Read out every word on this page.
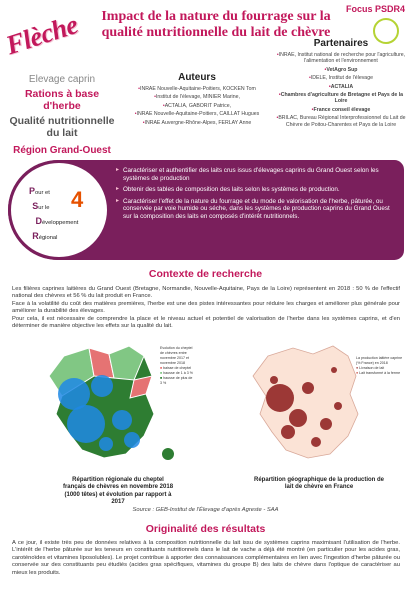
Flèche
Focus PSDR4
Impact de la nature du fourrage sur la qualité nutritionnelle du lait de chèvre
Elevage caprin
Rations à base d'herbe
Qualité nutritionnelle du lait
Région Grand-Ouest
Auteurs
• INRAE Nouvelle-Aquitaine-Poitiers, KOCKEN Tom
• Institut de l'élevage, MINIER Marine,
• ACTALIA, GABORIT Patrice,
• INRAE Nouvelle-Aquitaine-Poitiers, CAILLAT Hugues
• INRAE Auvergne-Rhône-Alpes, FERLAY Anne
Partenaires
• INRAE, Institut national de recherche pour l'agriculture, l'alimentation et l'environnement
• VetAgro Sup
• IDELE, Institut de l'élevage
• ACTALIA
• Chambres d'agriculture de Bretagne et Pays de la Loire
• France conseil élevage
• BRILAC, Bureau Régional Interprofessionnel du Lait de Chèvre de Poitou-Charentes et Pays de la Loire
Pour et
Sur le
Développement
Régional
4
▸ Caractériser et authentifier des laits crus issus d'élevages caprins du Grand Ouest selon les systèmes de production
▸ Obtenir des tables de composition des laits selon les systèmes de production.
▸ Caractériser l'effet de la nature du fourrage et du mode de valorisation de l'herbe, pâturée, ou conservée par voie humide ou séche, dans les systèmes de production caprins du Grand Ouest sur la composition des laits en composés d'intérêt nutritionnels.
Contexte de recherche

Les filières caprines laitières du Grand Ouest (Bretagne, Normandie, Nouvelle-Aquitaine, Pays de la Loire) représentent en 2018 : 50 % de l'effectif national des chèvres et 56 % du lait produit en France.

Face à la volatilité du coût des matières premières, l'herbe est une des pistes intéressantes pour réduire les charges et améliorer plus générale pour améliorer la durabilité des élevages.

Pour cela, il est nécessaire de comprendre la place et le niveau actuel et potentiel de valorisation de l'herbe dans les systèmes caprins, et d'en déterminer de manière objective les effets sur la qualité du lait.

Evolution du cheptel de chèvres entre novembre 2017 et novembre 2018
■ baisse de cheptel
■ hausse de 1 à 3 %
■ hausse de plus de 3 %
La production laitière caprine (% France) en 2018
● Livraison de lait
● Lait transformé à la ferme
Répartition régionale du cheptel français de chèvres en novembre 2018 (1000 têtes) et évolution par rapport à 2017
Répartition géographique de la production de lait de chèvre en France
Source : GEB-Institut de l'Élevage d'après Agreste - SAA
Originalité des résultats
A ce jour, il existe très peu de données relatives à la composition nutritionnelle du lait issu de systèmes caprins maximisant l'utilisation de l'herbe. L'intérêt de l'herbe pâturée sur les teneurs en constituants nutritionnels dans le lait de vache a déjà été montré (en particulier pour les acides gras, caroténoïdes et vitamines liposolubles). Le projet contribue à apporter des connaissances complémentaires en lien avec l'ingestion d'herbe pâturée ou conservée sur des constituants peu étudiés (acides gras spécifiques, vitamines du groupe B) des laits de chèvre dans l'optique de caractériser au mieux les produits.
